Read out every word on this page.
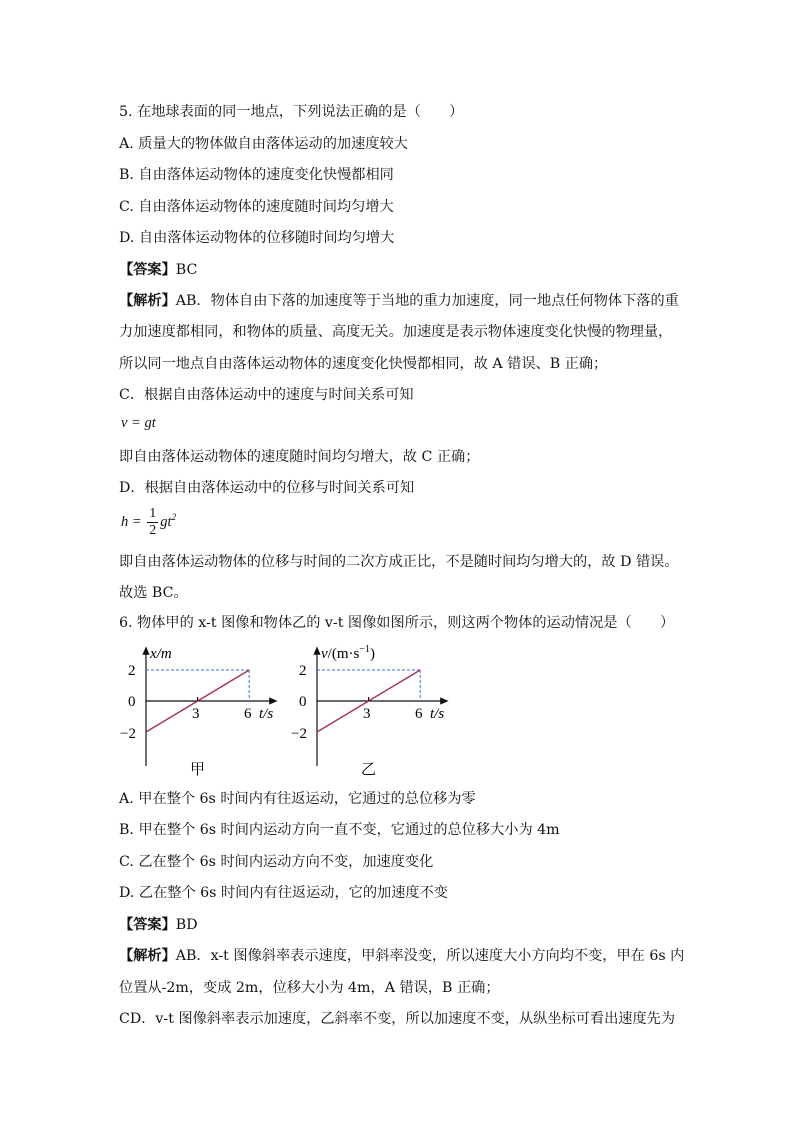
5. 在地球表面的同一地点，下列说法正确的是（　　）
A. 质量大的物体做自由落体运动的加速度较大
B. 自由落体运动物体的速度变化快慢都相同
C. 自由落体运动物体的速度随时间均匀增大
D. 自由落体运动物体的位移随时间均匀增大
【答案】BC
【解析】AB．物体自由下落的加速度等于当地的重力加速度，同一地点任何物体下落的重
力加速度都相同，和物体的质量、高度无关。加速度是表示物体速度变化快慢的物理量，
所以同一地点自由落体运动物体的速度变化快慢都相同，故 A 错误、B 正确；
C．根据自由落体运动中的速度与时间关系可知
v = gt
即自由落体运动物体的速度随时间均匀增大，故 C 正确；
D．根据自由落体运动中的位移与时间关系可知
$h = \frac{1}{2} gt^2$
即自由落体运动物体的位移与时间的二次方成正比，不是随时间均匀增大的，故 D 错误。
故选 BC。
6. 物体甲的 x-t 图像和物体乙的 v-t 图像如图所示，则这两个物体的运动情况是（　　）
x/m
2
0
−2
3	6 t/s
甲
$v/(m\cdot s^{-1})$
2
0
−2
3	6 t/s
乙
A. 甲在整个 6s 时间内有往返运动，它通过的总位移为零
B. 甲在整个 6s 时间内运动方向一直不变，它通过的总位移大小为 4m
C. 乙在整个 6s 时间内运动方向不变，加速度变化
D. 乙在整个 6s 时间内有往返运动，它的加速度不变
【答案】BD
【解析】AB．x-t 图像斜率表示速度，甲斜率没变，所以速度大小方向均不变，甲在 6s 内
位置从-2m，变成 2m，位移大小为 4m，A 错误，B 正确；
CD．v-t 图像斜率表示加速度，乙斜率不变，所以加速度不变，从纵坐标可看出速度先为
